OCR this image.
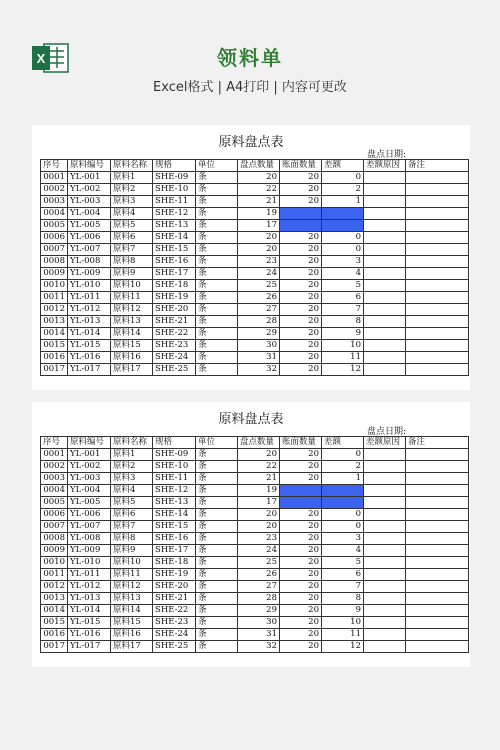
X	领料单
Excel格式 | A4打印 | 内容可更改
原料盘点表
盘点日期:
序号	原料编号	原料名称	规格	单位	盘点数量	账面数量	差额	差额原因	备注
0001	YL-001	原料1	SHE-09	条	20	20	0		
0002	YL-002	原料2	SHE-10	条	22	20	2		
0003	YL-003	原料3	SHE-11	条	21	20	1		
0004	YL-004	原料4	SHE-12	条	19	20	-1		
0005	YL-005	原料5	SHE-13	条	17	20	-3		
0006	YL-006	原料6	SHE-14	条	20	20	0		
0007	YL-007	原料7	SHE-15	条	20	20	0		
0008	YL-008	原料8	SHE-16	条	23	20	3		
0009	YL-009	原料9	SHE-17	条	24	20	4		
0010	YL-010	原料10	SHE-18	条	25	20	5		
0011	YL-011	原料11	SHE-19	条	26	20	6		
0012	YL-012	原料12	SHE-20	条	27	20	7		
0013	YL-013	原料13	SHE-21	条	28	20	8		
0014	YL-014	原料14	SHE-22	条	29	20	9		
0015	YL-015	原料15	SHE-23	条	30	20	10		
0016	YL-016	原料16	SHE-24	条	31	20	11		
0017	YL-017	原料17	SHE-25	条	32	20	12		
原料盘点表
盘点日期:
序号	原料编号	原料名称	规格	单位	盘点数量	账面数量	差额	差额原因	备注
0001	YL-001	原料1	SHE-09	条	20	20	0		
0002	YL-002	原料2	SHE-10	条	22	20	2		
0003	YL-003	原料3	SHE-11	条	21	20	1		
0004	YL-004	原料4	SHE-12	条	19	20	-1		
0005	YL-005	原料5	SHE-13	条	17	20	-3		
0006	YL-006	原料6	SHE-14	条	20	20	0		
0007	YL-007	原料7	SHE-15	条	20	20	0		
0008	YL-008	原料8	SHE-16	条	23	20	3		
0009	YL-009	原料9	SHE-17	条	24	20	4		
0010	YL-010	原料10	SHE-18	条	25	20	5		
0011	YL-011	原料11	SHE-19	条	26	20	6		
0012	YL-012	原料12	SHE-20	条	27	20	7		
0013	YL-013	原料13	SHE-21	条	28	20	8		
0014	YL-014	原料14	SHE-22	条	29	20	9		
0015	YL-015	原料15	SHE-23	条	30	20	10		
0016	YL-016	原料16	SHE-24	条	31	20	11		
0017	YL-017	原料17	SHE-25	条	32	20	12		
